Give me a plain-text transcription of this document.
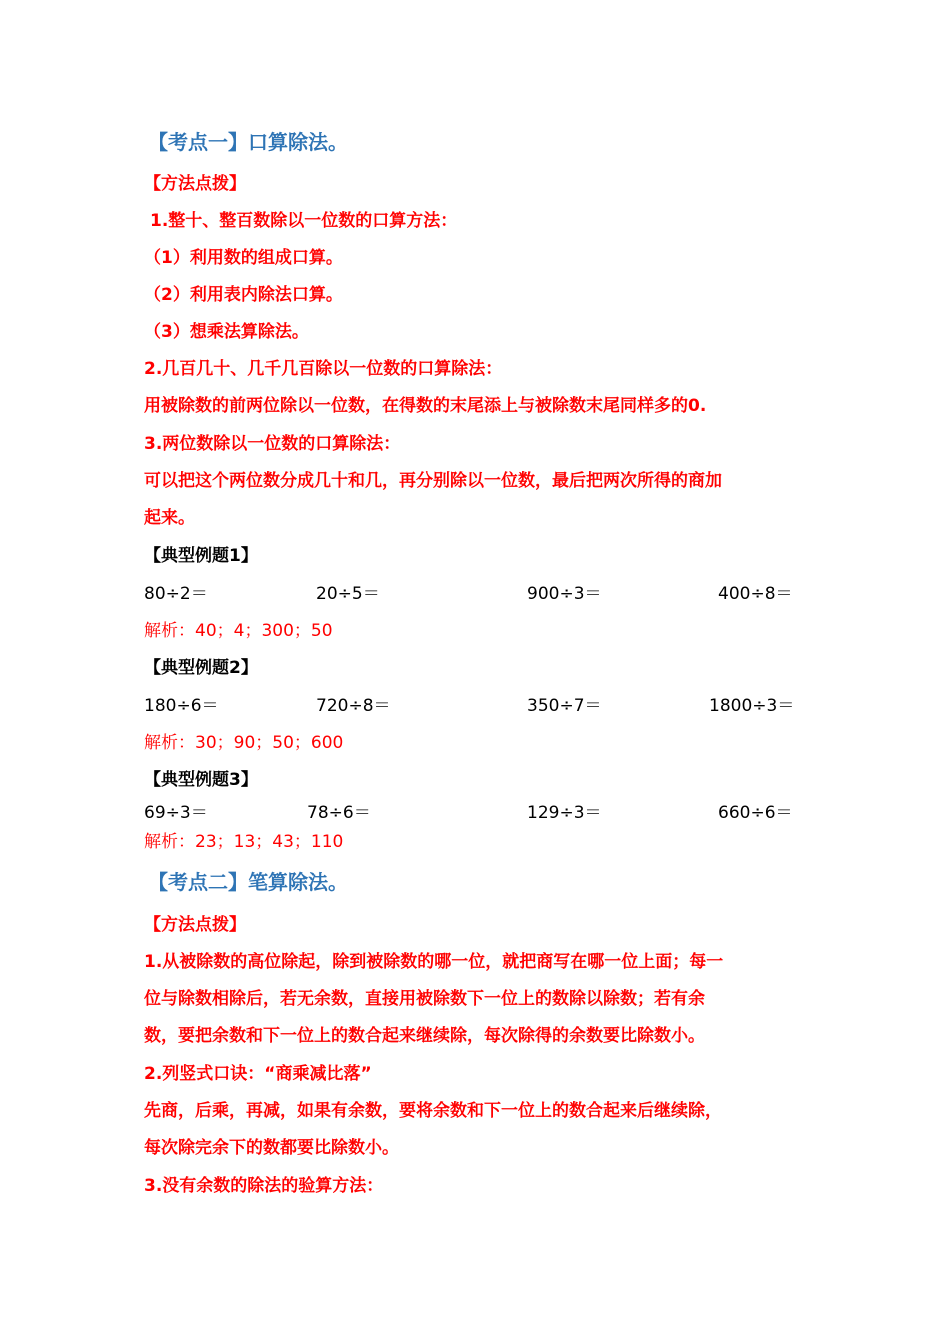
【考点一】口算除法。
【方法点拨】
1.整十、整百数除以一位数的口算方法：
（1）利用数的组成口算。
（2）利用表内除法口算。
（3）想乘法算除法。
2.几百几十、几千几百除以一位数的口算除法：
用被除数的前两位除以一位数，在得数的末尾添上与被除数末尾同样多的0.
3.两位数除以一位数的口算除法：
可以把这个两位数分成几十和几，再分别除以一位数，最后把两次所得的商加
起来。
【典型例题1】
80÷2＝	20÷5＝	900÷3＝	400÷8＝
解析：40；4；300；50
【典型例题2】
180÷6＝	720÷8＝	350÷7＝	1800÷3＝
解析：30；90；50；600
【典型例题3】
69÷3＝	78÷6＝	129÷3＝	660÷6＝
解析：23；13；43；110
【考点二】笔算除法。
【方法点拨】
1.从被除数的高位除起，除到被除数的哪一位，就把商写在哪一位上面；每一
位与除数相除后，若无余数，直接用被除数下一位上的数除以除数；若有余
数，要把余数和下一位上的数合起来继续除，每次除得的余数要比除数小。
2.列竖式口诀：“商乘减比落”
先商，后乘，再减，如果有余数，要将余数和下一位上的数合起来后继续除，
每次除完余下的数都要比除数小。
3.没有余数的除法的验算方法：
